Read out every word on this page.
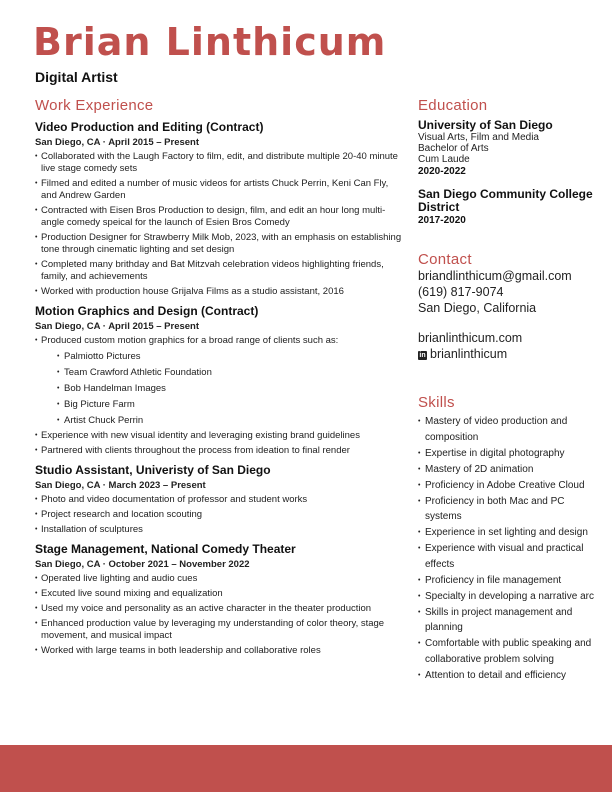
Brian Linthicum
Digital Artist
Work Experience
Video Production and Editing (Contract)
San Diego, CA · April 2015 – Present
• Collaborated with the Laugh Factory to film, edit, and distribute multiple 20-40 minute live stage comedy sets
• Filmed and edited a number of music videos for artists Chuck Perrin, Keni Can Fly, and Andrew Garden
• Contracted with Eisen Bros Production to design, film, and edit an hour long multi-angle comedy speical for the launch of Esien Bros Comedy
• Production Designer for Strawberry Milk Mob, 2023, with an emphasis on establishing tone through cinematic lighting and set design
• Completed many brithday and Bat Mitzvah celebration videos highlighting friends, family, and achievements
• Worked with production house Grijalva Films as a studio assistant, 2016
Motion Graphics and Design (Contract)
San Diego, CA · April 2015 – Present
• Produced custom motion graphics for a broad range of clients such as:
• Palmiotto Pictures
• Team Crawford Athletic Foundation
• Bob Handelman Images
• Big Picture Farm
• Artist Chuck Perrin
• Experience with new visual identity and leveraging existing brand guidelines
• Partnered with clients throughout the process from ideation to final render
Studio Assistant, Univeristy of San Diego
San Diego, CA · March 2023 – Present
• Photo and video documentation of professor and student works
• Project research and location scouting
• Installation of sculptures
Stage Management, National Comedy Theater
San Diego, CA · October 2021 – November 2022
• Operated live lighting and audio cues
• Excuted live sound mixing and equalization
• Used my voice and personality as an active character in the theater production
• Enhanced production value by leveraging my understanding of color theory, stage movement, and musical impact
• Worked with large teams in both leadership and collaborative roles
Education
University of San Diego
Visual Arts, Film and Media
Bachelor of Arts
Cum Laude
2020-2022
San Diego Community College District
2017-2020
Contact
briandlinthicum@gmail.com
(619) 817-9074
San Diego, California
brianlinthicum.com
in brianlinthicum
Skills
• Mastery of video production and composition
• Expertise in digital photography
• Mastery of 2D animation
• Proficiency in Adobe Creative Cloud
• Proficiency in both Mac and PC systems
• Experience in set lighting and design
• Experience with visual and practical effects
• Proficiency in file management
• Specialty in developing a narrative arc
• Skills in project management and planning
• Comfortable with public speaking and collaborative problem solving
• Attention to detail and efficiency
